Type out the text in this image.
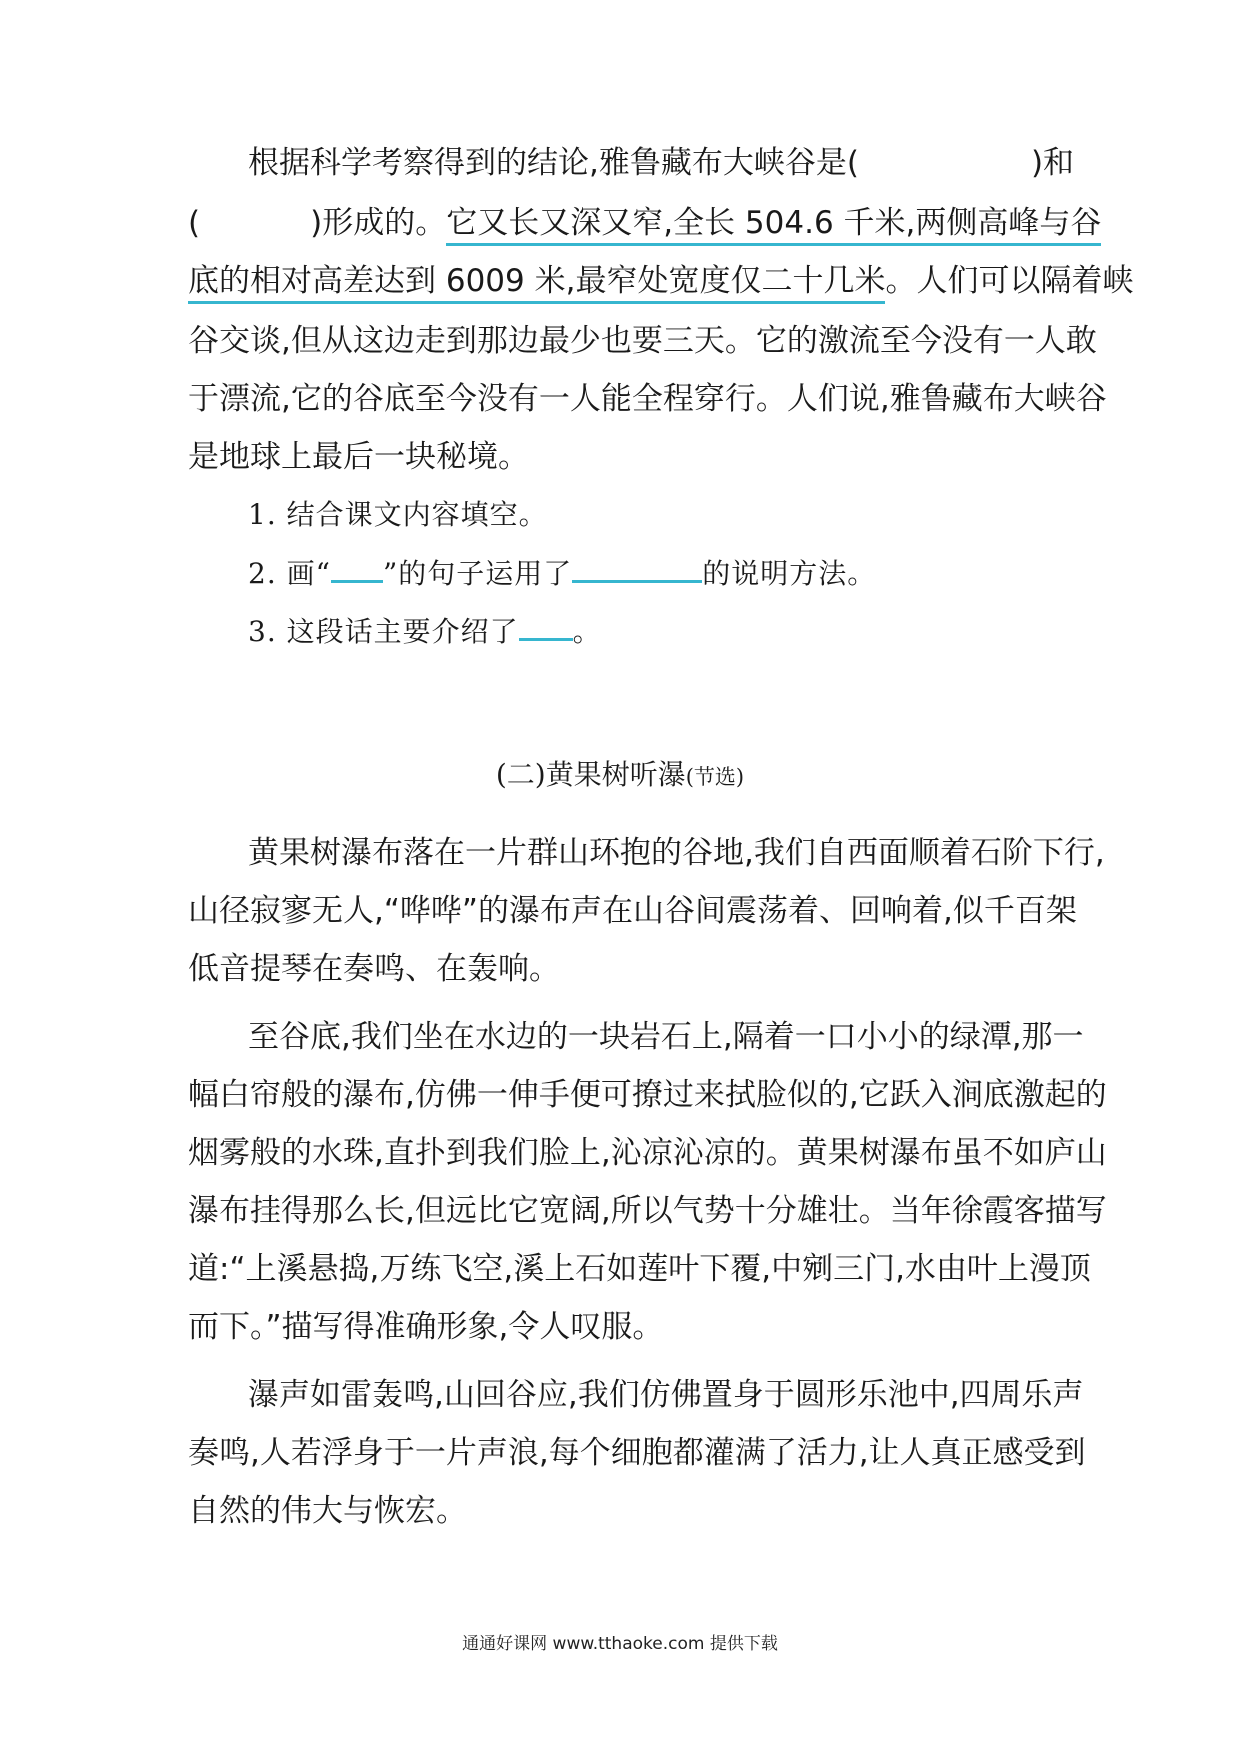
根据科学考察得到的结论,雅鲁藏布大峡谷是(	)和
(	)形成的。它又长又深又窄,全长 504.6 千米,两侧高峰与谷
底的相对高差达到 6009 米,最窄处宽度仅二十几米。人们可以隔着峡
谷交谈,但从这边走到那边最少也要三天。它的激流至今没有一人敢
于漂流,它的谷底至今没有一人能全程穿行。人们说,雅鲁藏布大峡谷
是地球上最后一块秘境。
1. 结合课文内容填空。
2. 画“ ”的句子运用了	的说明方法。
3. 这段话主要介绍了 。
(二)黄果树听瀑(节选)
黄果树瀑布落在一片群山环抱的谷地,我们自西面顺着石阶下行,
山径寂寥无人,“哗哗”的瀑布声在山谷间震荡着、回响着,似千百架
低音提琴在奏鸣、在轰响。
至谷底,我们坐在水边的一块岩石上,隔着一口小小的绿潭,那一
幅白帘般的瀑布,仿佛一伸手便可撩过来拭脸似的,它跃入涧底激起的
烟雾般的水珠,直扑到我们脸上,沁凉沁凉的。黄果树瀑布虽不如庐山
瀑布挂得那么长,但远比它宽阔,所以气势十分雄壮。当年徐霞客描写
道:“上溪悬捣,万练飞空,溪上石如莲叶下覆,中剜三门,水由叶上漫顶
而下。”描写得准确形象,令人叹服。
瀑声如雷轰鸣,山回谷应,我们仿佛置身于圆形乐池中,四周乐声
奏鸣,人若浮身于一片声浪,每个细胞都灌满了活力,让人真正感受到
自然的伟大与恢宏。
通通好课网 www.tthaoke.com 提供下载
